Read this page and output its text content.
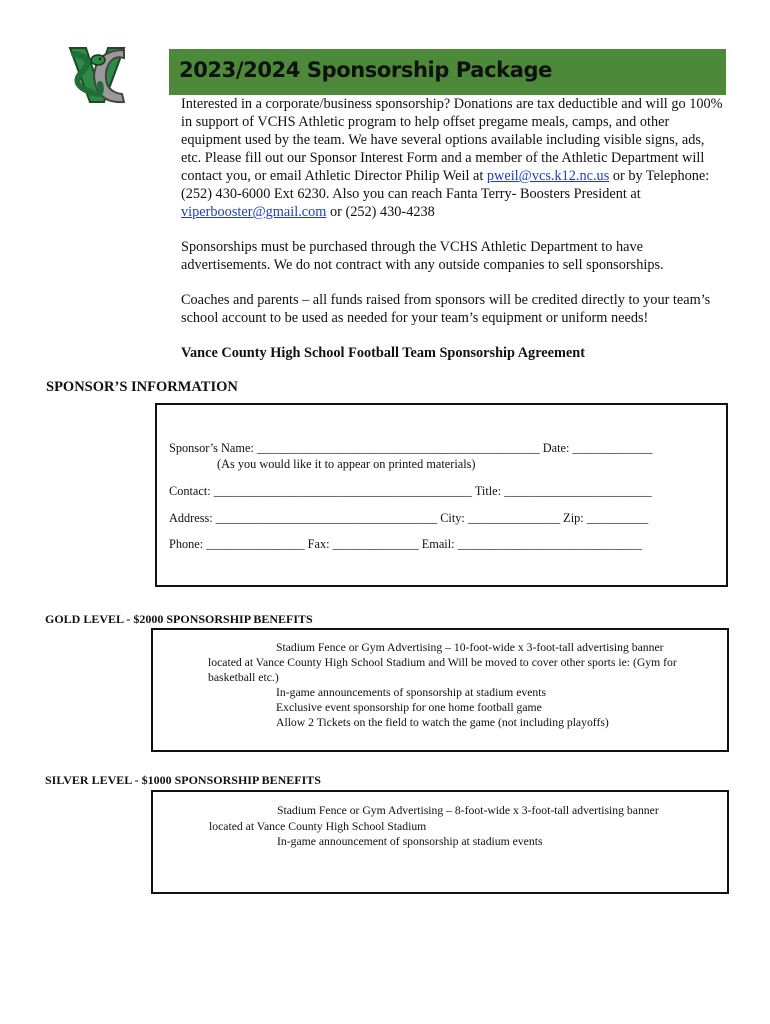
2023/2024 Sponsorship Package

Interested in a corporate/business sponsorship? Donations are tax deductible and will go 100% in support of VCHS Athletic program to help offset pregame meals, camps, and other equipment used by the team. We have several options available including visible signs, ads, etc. Please fill out our Sponsor Interest Form and a member of the Athletic Department will contact you, or email Athletic Director Philip Weil at pweil@vcs.k12.nc.us or by Telephone: (252) 430-6000 Ext 6230. Also you can reach Fanta Terry- Boosters President at viperbooster@gmail.com or (252) 430-4238

Sponsorships must be purchased through the VCHS Athletic Department to have advertisements. We do not contract with any outside companies to sell sponsorships.

Coaches and parents – all funds raised from sponsors will be credited directly to your team’s school account to be used as needed for your team’s equipment or uniform needs!

Vance County High School Football Team Sponsorship Agreement
SPONSOR’S INFORMATION
Sponsor’s Name: ______________________________________________ Date: _____________
(As you would like it to appear on printed materials)
Contact: __________________________________________ Title: ________________________
Address: ____________________________________ City: _______________ Zip: __________
Phone: ________________ Fax: ______________ Email: ______________________________
GOLD LEVEL - $2000 SPONSORSHIP BENEFITS
Stadium Fence or Gym Advertising – 10-foot-wide x 3-foot-tall advertising banner
located at Vance County High School Stadium and Will be moved to cover other sports ie: (Gym for
basketball etc.)
In-game announcements of sponsorship at stadium events
Exclusive event sponsorship for one home football game
Allow 2 Tickets on the field to watch the game (not including playoffs)
SILVER LEVEL - $1000 SPONSORSHIP BENEFITS
Stadium Fence or Gym Advertising – 8-foot-wide x 3-foot-tall advertising banner
located at Vance County High School Stadium
In-game announcement of sponsorship at stadium events
